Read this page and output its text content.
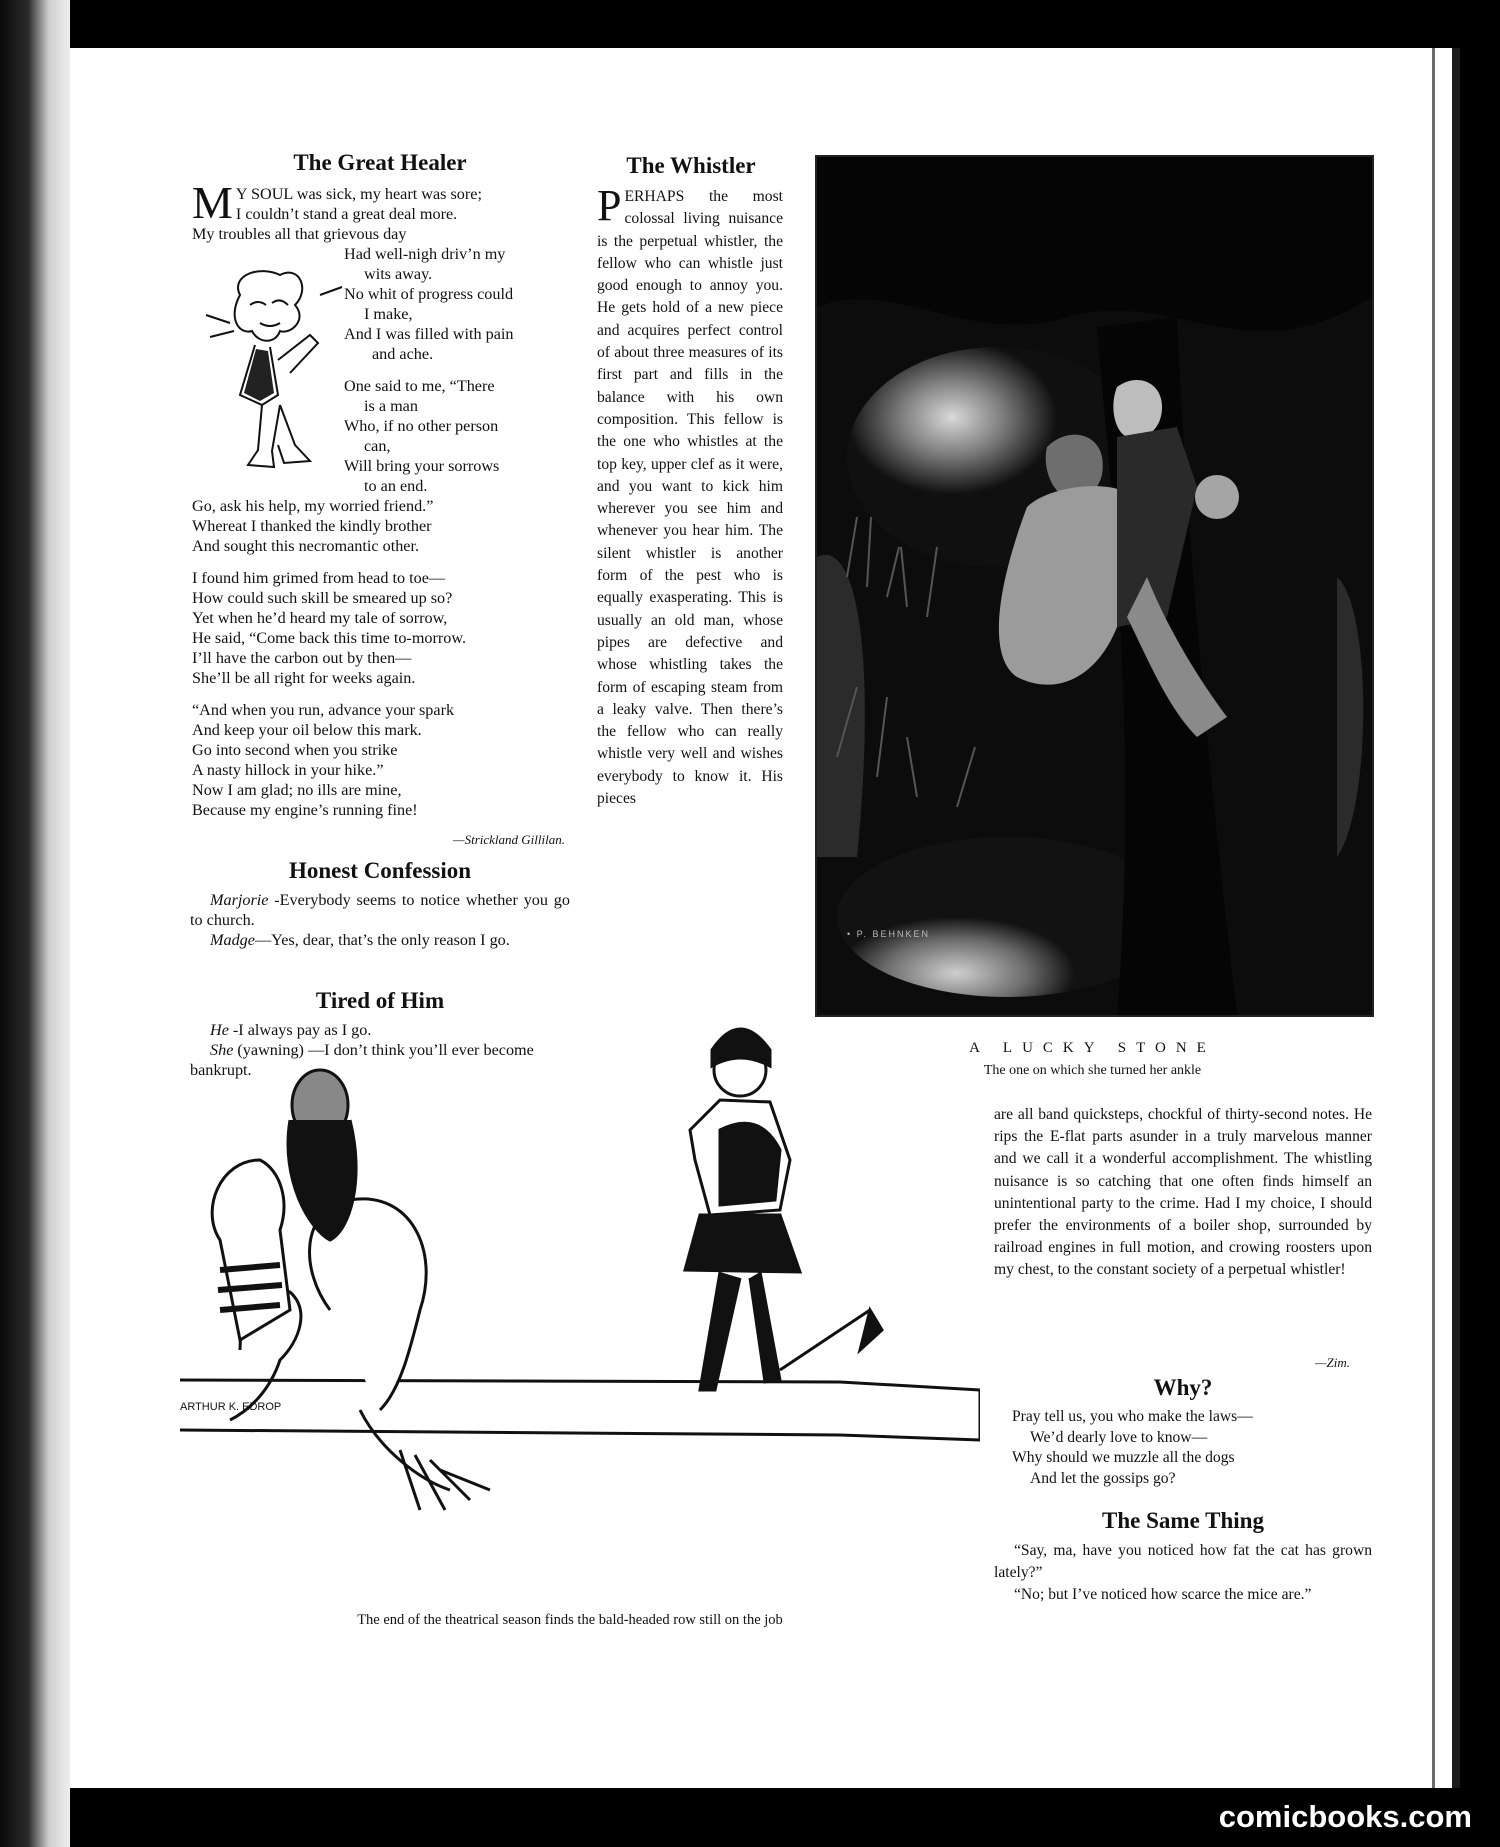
The Great Healer

M Y SOUL was sick, my heart was sore;

I couldn’t stand a great deal more.

My troubles all that grievous day

Had well-nigh driv’n my

wits away.

No whit of progress could

I make,

And I was filled with pain

and ache.

One said to me, “There

is a man

Who, if no other person

can,

Will bring your sorrows

to an end.

Go, ask his help, my worried friend.”

Whereat I thanked the kindly brother

And sought this necromantic other.

I found him grimed from head to toe—

How could such skill be smeared up so?

Yet when he’d heard my tale of sorrow,

He said, “Come back this time to-morrow.

I’ll have the carbon out by then—

She’ll be all right for weeks again.

“And when you run, advance your spark

And keep your oil below this mark.

Go into second when you strike

A nasty hillock in your hike.”

Now I am glad; no ills are mine,

Because my engine’s running fine!

—Strickland Gillilan.
Honest Confession

Marjorie -Everybody seems to notice whether you go to church.

Madge—Yes, dear, that’s the only reason I go.

Tired of Him

He -I always pay as I go.

She (yawning) —I don’t think you’ll ever become bankrupt.

The Whistler
PERHAPS the most colossal living nuisance is the perpetual whistler, the fellow who can whistle just good enough to annoy you. He gets hold of a new piece and acquires perfect control of about three measures of its first part and fills in the balance with his own composition. This fellow is the one who whistles at the top key, upper clef as it were, and you want to kick him wherever you see him and whenever you hear him. The silent whistler is another form of the pest who is equally exasperating. This is usually an old man, whose pipes are defective and whose whistling takes the form of escaping steam from a leaky valve. Then there’s the fellow who can really whistle very well and wishes everybody to know it. His pieces
are all band quicksteps, chockful of thirty-second notes. He rips the E-flat parts asunder in a truly marvelous manner and we call it a wonderful accomplishment. The whistling nuisance is so catching that one often finds himself an unintentional party to the crime. Had I my choice, I should prefer the environments of a boiler shop, surrounded by railroad engines in full motion, and crowing roosters upon my chest, to the constant society of a perpetual whistler!
—Zim.
• P. BEHNKEN
A LUCKY STONE
The one on which she turned her ankle
ARTHUR K. EDROP
The end of the theatrical season finds the bald-headed row still on the job
Why?

Pray tell us, you who make the laws—

We’d dearly love to know—

Why should we muzzle all the dogs

And let the gossips go?

The Same Thing

“Say, ma, have you noticed how fat the cat has grown lately?”

“No; but I’ve noticed how scarce the mice are.”

comicbooks.com
